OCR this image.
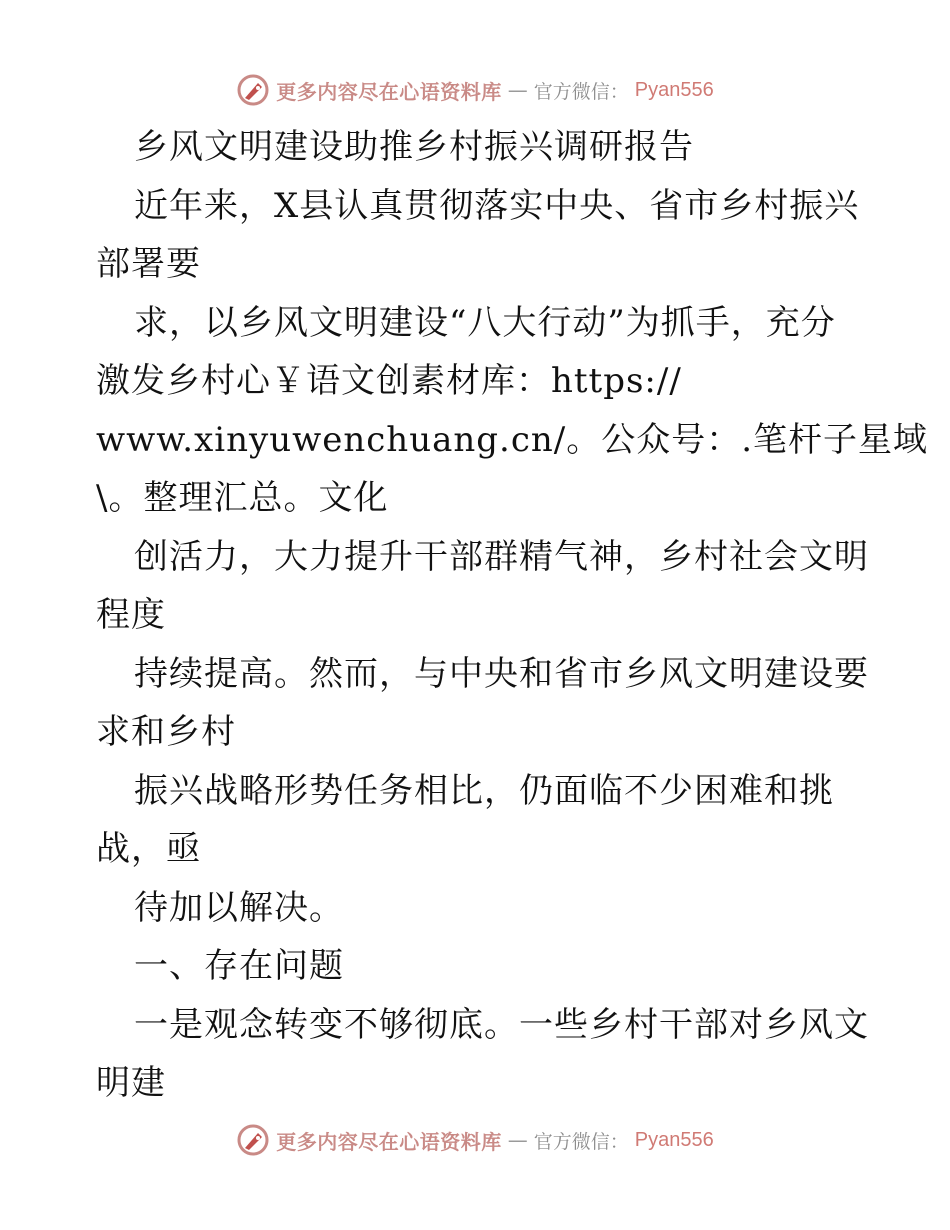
更多内容尽在心语资料库 — 官方微信： Pyan556
乡风文明建设助推乡村振兴调研报告
近年来，X县认真贯彻落实中央、省市乡村振兴
部署要
求，以乡风文明建设“八大行动”为抓手，充分
激发乡村心￥语文创素材库：https://
www.xinyuwenchuang.cn/。公众号：.笔杆子星域
\。整理汇总。文化
创活力，大力提升干部群精气神，乡村社会文明
程度
持续提高。然而，与中央和省市乡风文明建设要
求和乡村
振兴战略形势任务相比，仍面临不少困难和挑
战，亟
待加以解决。
一、存在问题
一是观念转变不够彻底。一些乡村干部对乡风文
明建
更多内容尽在心语资料库 — 官方微信： Pyan556
